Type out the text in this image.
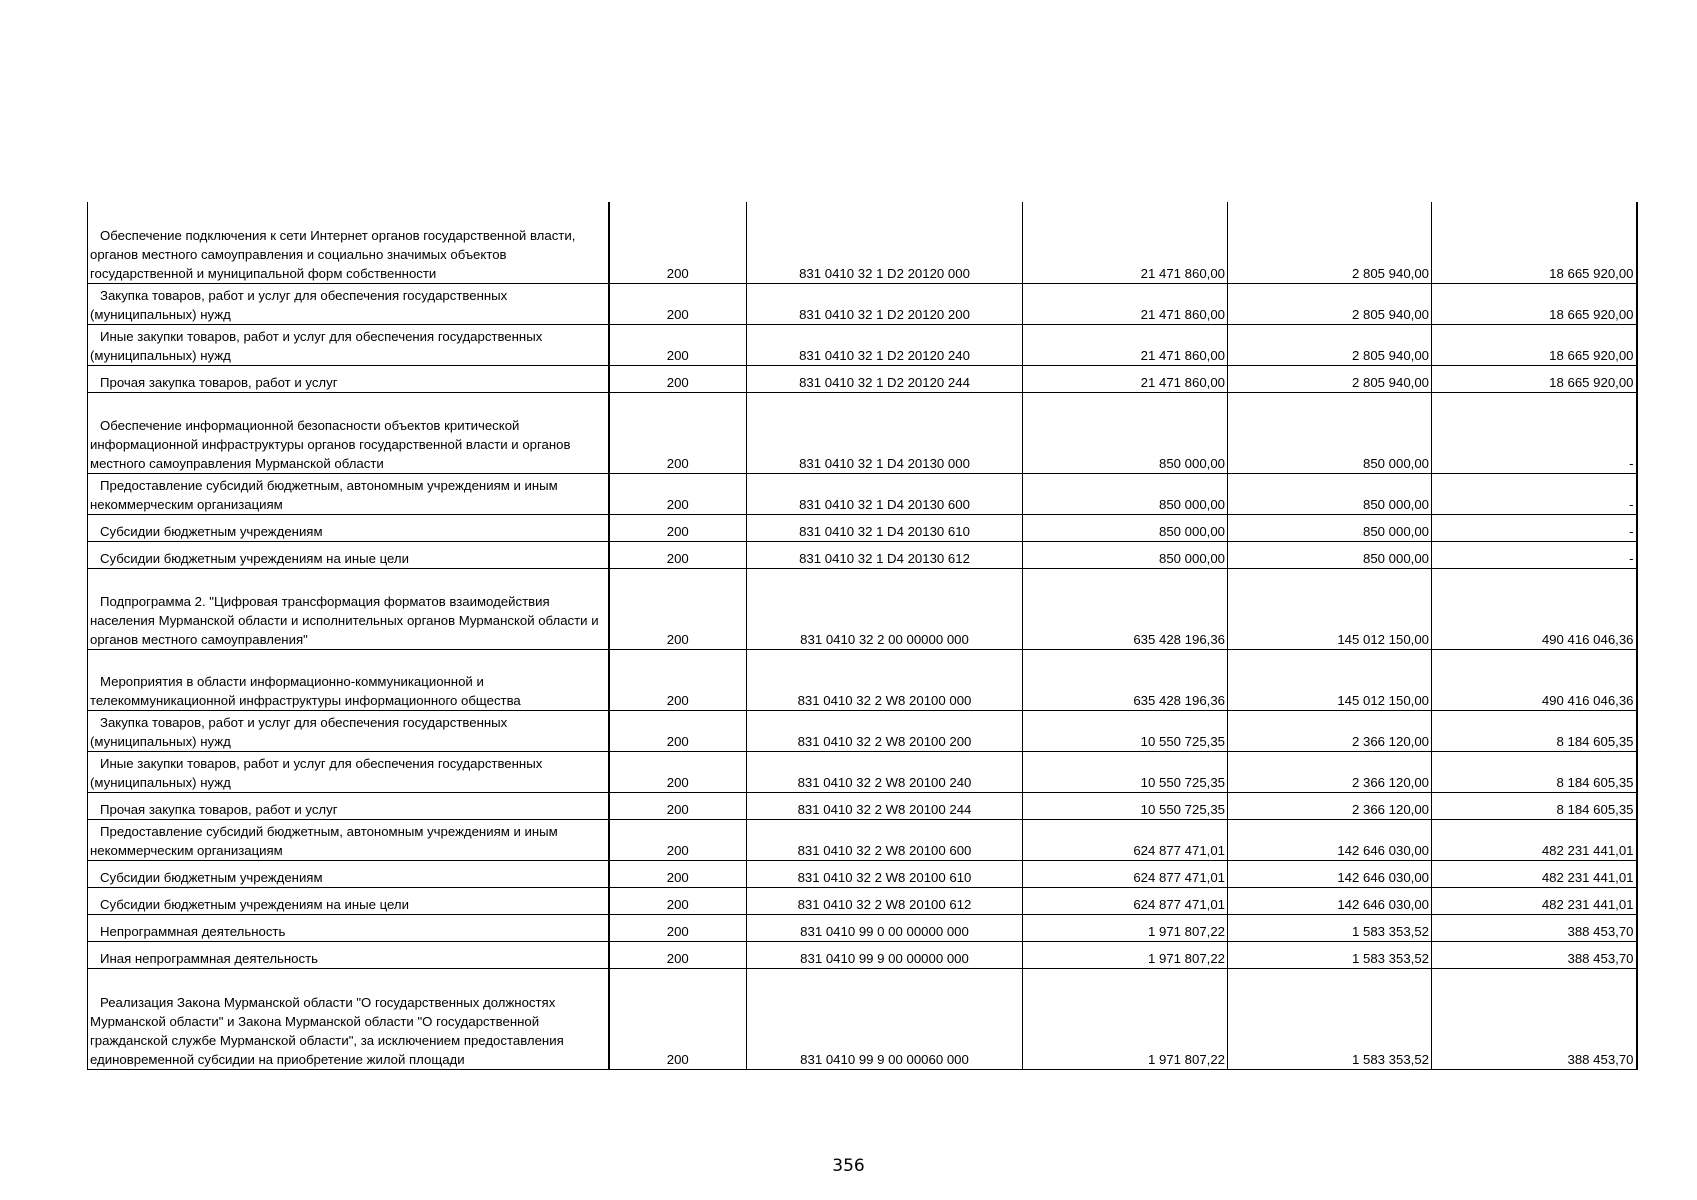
Обеспечение подключения к сети Интернет органов государственной власти, органов местного самоуправления и социально значимых объектов государственной и муниципальной форм собственности	200	831 0410 32 1 D2 20120 000	21 471 860,00	2 805 940,00	18 665 920,00

Закупка товаров, работ и услуг для обеспечения государственных (муниципальных) нужд	200	831 0410 32 1 D2 20120 200	21 471 860,00	2 805 940,00	18 665 920,00

Иные закупки товаров, работ и услуг для обеспечения государственных (муниципальных) нужд	200	831 0410 32 1 D2 20120 240	21 471 860,00	2 805 940,00	18 665 920,00

Прочая закупка товаров, работ и услуг	200	831 0410 32 1 D2 20120 244	21 471 860,00	2 805 940,00	18 665 920,00

Обеспечение информационной безопасности объектов критической информационной инфраструктуры органов государственной власти и органов местного самоуправления Мурманской области	200	831 0410 32 1 D4 20130 000	850 000,00	850 000,00	-

Предоставление субсидий бюджетным, автономным учреждениям и иным некоммерческим организациям	200	831 0410 32 1 D4 20130 600	850 000,00	850 000,00	-

Субсидии бюджетным учреждениям	200	831 0410 32 1 D4 20130 610	850 000,00	850 000,00	-

Субсидии бюджетным учреждениям на иные цели	200	831 0410 32 1 D4 20130 612	850 000,00	850 000,00	-

Подпрограмма 2. "Цифровая трансформация форматов взаимодействия населения Мурманской области и исполнительных органов Мурманской области и органов местного самоуправления"	200	831 0410 32 2 00 00000 000	635 428 196,36	145 012 150,00	490 416 046,36

Мероприятия в области информационно-коммуникационной и телекоммуникационной инфраструктуры информационного общества	200	831 0410 32 2 W8 20100 000	635 428 196,36	145 012 150,00	490 416 046,36

Закупка товаров, работ и услуг для обеспечения государственных (муниципальных) нужд	200	831 0410 32 2 W8 20100 200	10 550 725,35	2 366 120,00	8 184 605,35

Иные закупки товаров, работ и услуг для обеспечения государственных (муниципальных) нужд	200	831 0410 32 2 W8 20100 240	10 550 725,35	2 366 120,00	8 184 605,35

Прочая закупка товаров, работ и услуг	200	831 0410 32 2 W8 20100 244	10 550 725,35	2 366 120,00	8 184 605,35

Предоставление субсидий бюджетным, автономным учреждениям и иным некоммерческим организациям	200	831 0410 32 2 W8 20100 600	624 877 471,01	142 646 030,00	482 231 441,01

Субсидии бюджетным учреждениям	200	831 0410 32 2 W8 20100 610	624 877 471,01	142 646 030,00	482 231 441,01

Субсидии бюджетным учреждениям на иные цели	200	831 0410 32 2 W8 20100 612	624 877 471,01	142 646 030,00	482 231 441,01

Непрограммная деятельность	200	831 0410 99 0 00 00000 000	1 971 807,22	1 583 353,52	388 453,70

Иная непрограммная деятельность	200	831 0410 99 9 00 00000 000	1 971 807,22	1 583 353,52	388 453,70

Реализация Закона Мурманской области "О государственных должностях Мурманской области" и Закона Мурманской области "О государственной гражданской службе Мурманской области", за исключением предоставления единовременной субсидии на приобретение жилой площади	200	831 0410 99 9 00 00060 000	1 971 807,22	1 583 353,52	388 453,70
356
